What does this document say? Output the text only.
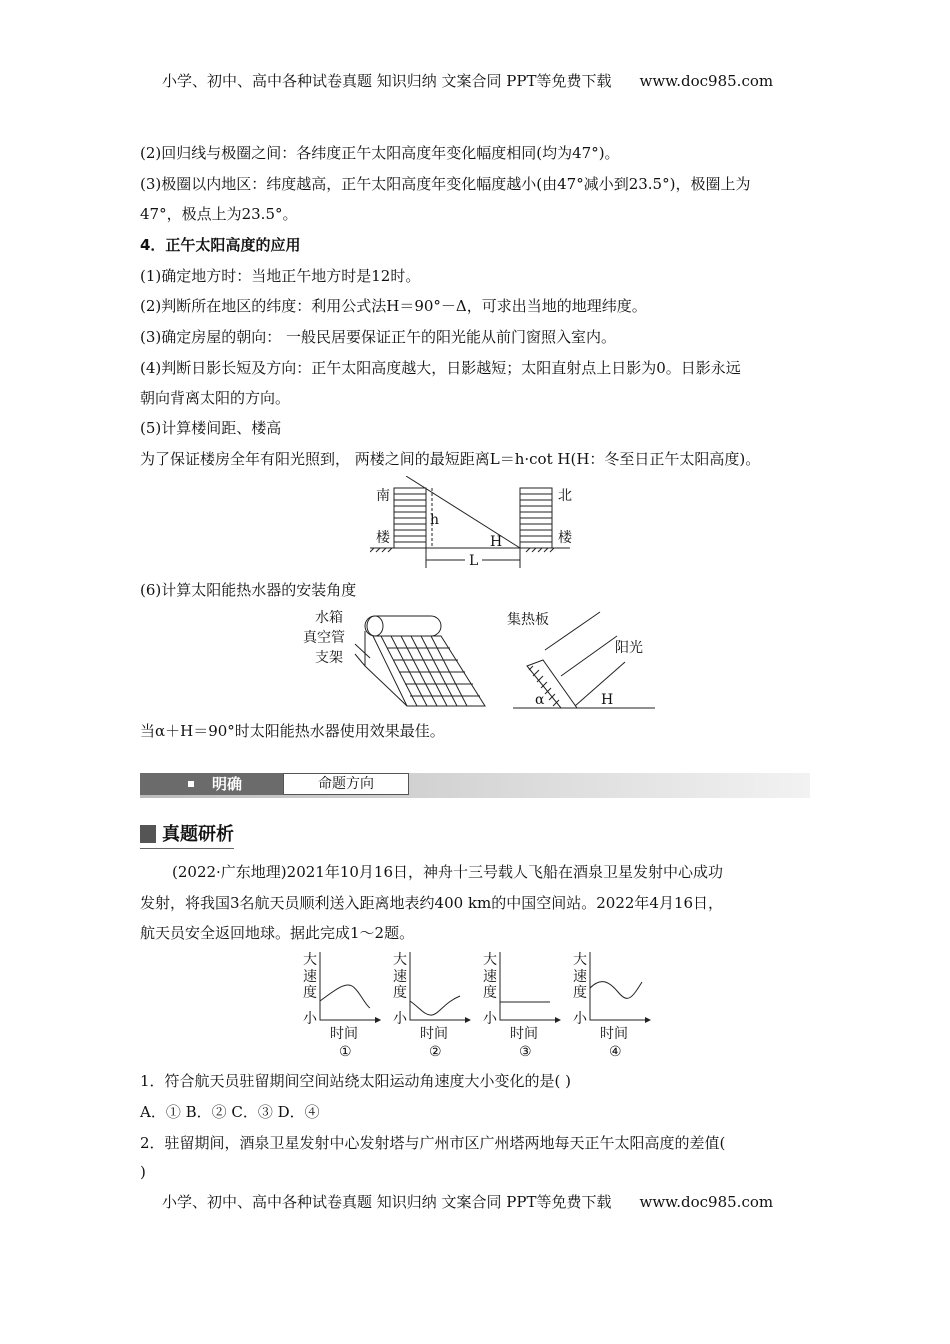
小学、初中、高中各种试卷真题 知识归纳 文案合同 PPT等免费下载 www.doc985.com
(2)回归线与极圈之间：各纬度正午太阳高度年变化幅度相同(均为47°)。
(3)极圈以内地区：纬度越高，正午太阳高度年变化幅度越小(由47°减小到23.5°)，极圈上为
47°，极点上为23.5°。
4．正午太阳高度的应用
(1)确定地方时：当地正午地方时是12时。
(2)判断所在地区的纬度：利用公式法H＝90°－Δ，可求出当地的地理纬度。
(3)确定房屋的朝向： 一般民居要保证正午的阳光能从前门窗照入室内。
(4)判断日影长短及方向：正午太阳高度越大，日影越短；太阳直射点上日影为0。日影永远
朝向背离太阳的方向。
(5)计算楼间距、楼高
为了保证楼房全年有阳光照到， 两楼之间的最短距离L＝h·cot H(H：冬至日正午太阳高度)。
南
楼
北
楼
h
H
L
(6)计算太阳能热水器的安装角度
水箱
真空管
支架
集热板
阳光
α	H
当α＋H＝90°时太阳能热水器使用效果最佳。
明确	命题方向
真题研析
(2022·广东地理)2021年10月16日，神舟十三号载人飞船在酒泉卫星发射中心成功
发射，将我国3名航天员顺利送入距离地表约400 km的中国空间站。2022年4月16日，
航天员安全返回地球。据此完成1～2题。
大
速
度
小
大
速
度
小
大
速
度
小
大
速
度
小
时间	时间	时间	时间
①	②	③	④
1．符合航天员驻留期间空间站绕太阳运动角速度大小变化的是( )
A．① B．② C．③ D．④
2．驻留期间，酒泉卫星发射中心发射塔与广州市区广州塔两地每天正午太阳高度的差值(
)
小学、初中、高中各种试卷真题 知识归纳 文案合同 PPT等免费下载 www.doc985.com
